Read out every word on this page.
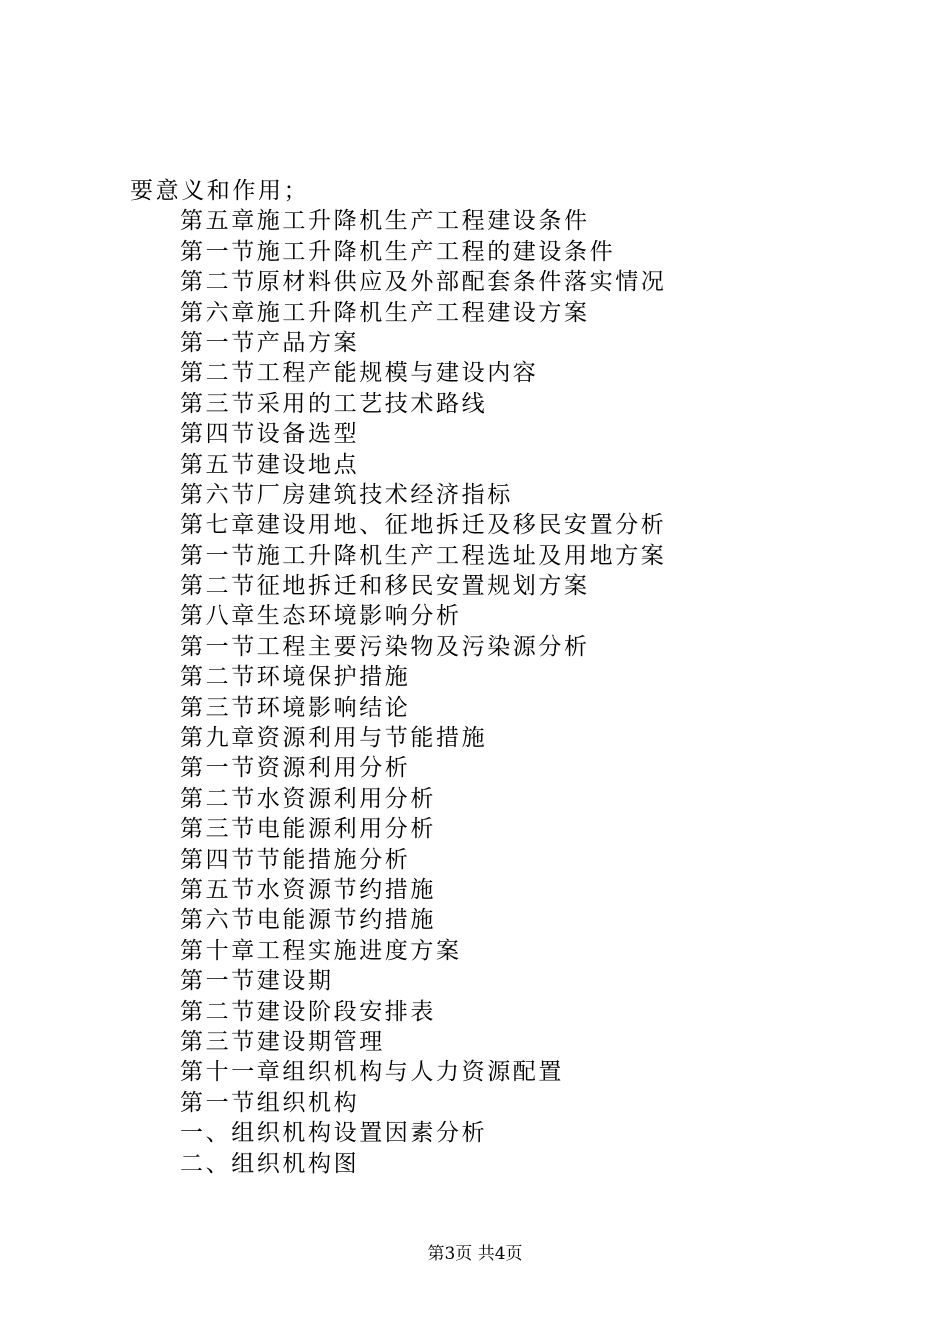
要意义和作用；
第五章施工升降机生产工程建设条件
第一节施工升降机生产工程的建设条件
第二节原材料供应及外部配套条件落实情况
第六章施工升降机生产工程建设方案
第一节产品方案
第二节工程产能规模与建设内容
第三节采用的工艺技术路线
第四节设备选型
第五节建设地点
第六节厂房建筑技术经济指标
第七章建设用地、征地拆迁及移民安置分析
第一节施工升降机生产工程选址及用地方案
第二节征地拆迁和移民安置规划方案
第八章生态环境影响分析
第一节工程主要污染物及污染源分析
第二节环境保护措施
第三节环境影响结论
第九章资源利用与节能措施
第一节资源利用分析
第二节水资源利用分析
第三节电能源利用分析
第四节节能措施分析
第五节水资源节约措施
第六节电能源节约措施
第十章工程实施进度方案
第一节建设期
第二节建设阶段安排表
第三节建设期管理
第十一章组织机构与人力资源配置
第一节组织机构
一、组织机构设置因素分析
二、组织机构图
第3页 共4页
